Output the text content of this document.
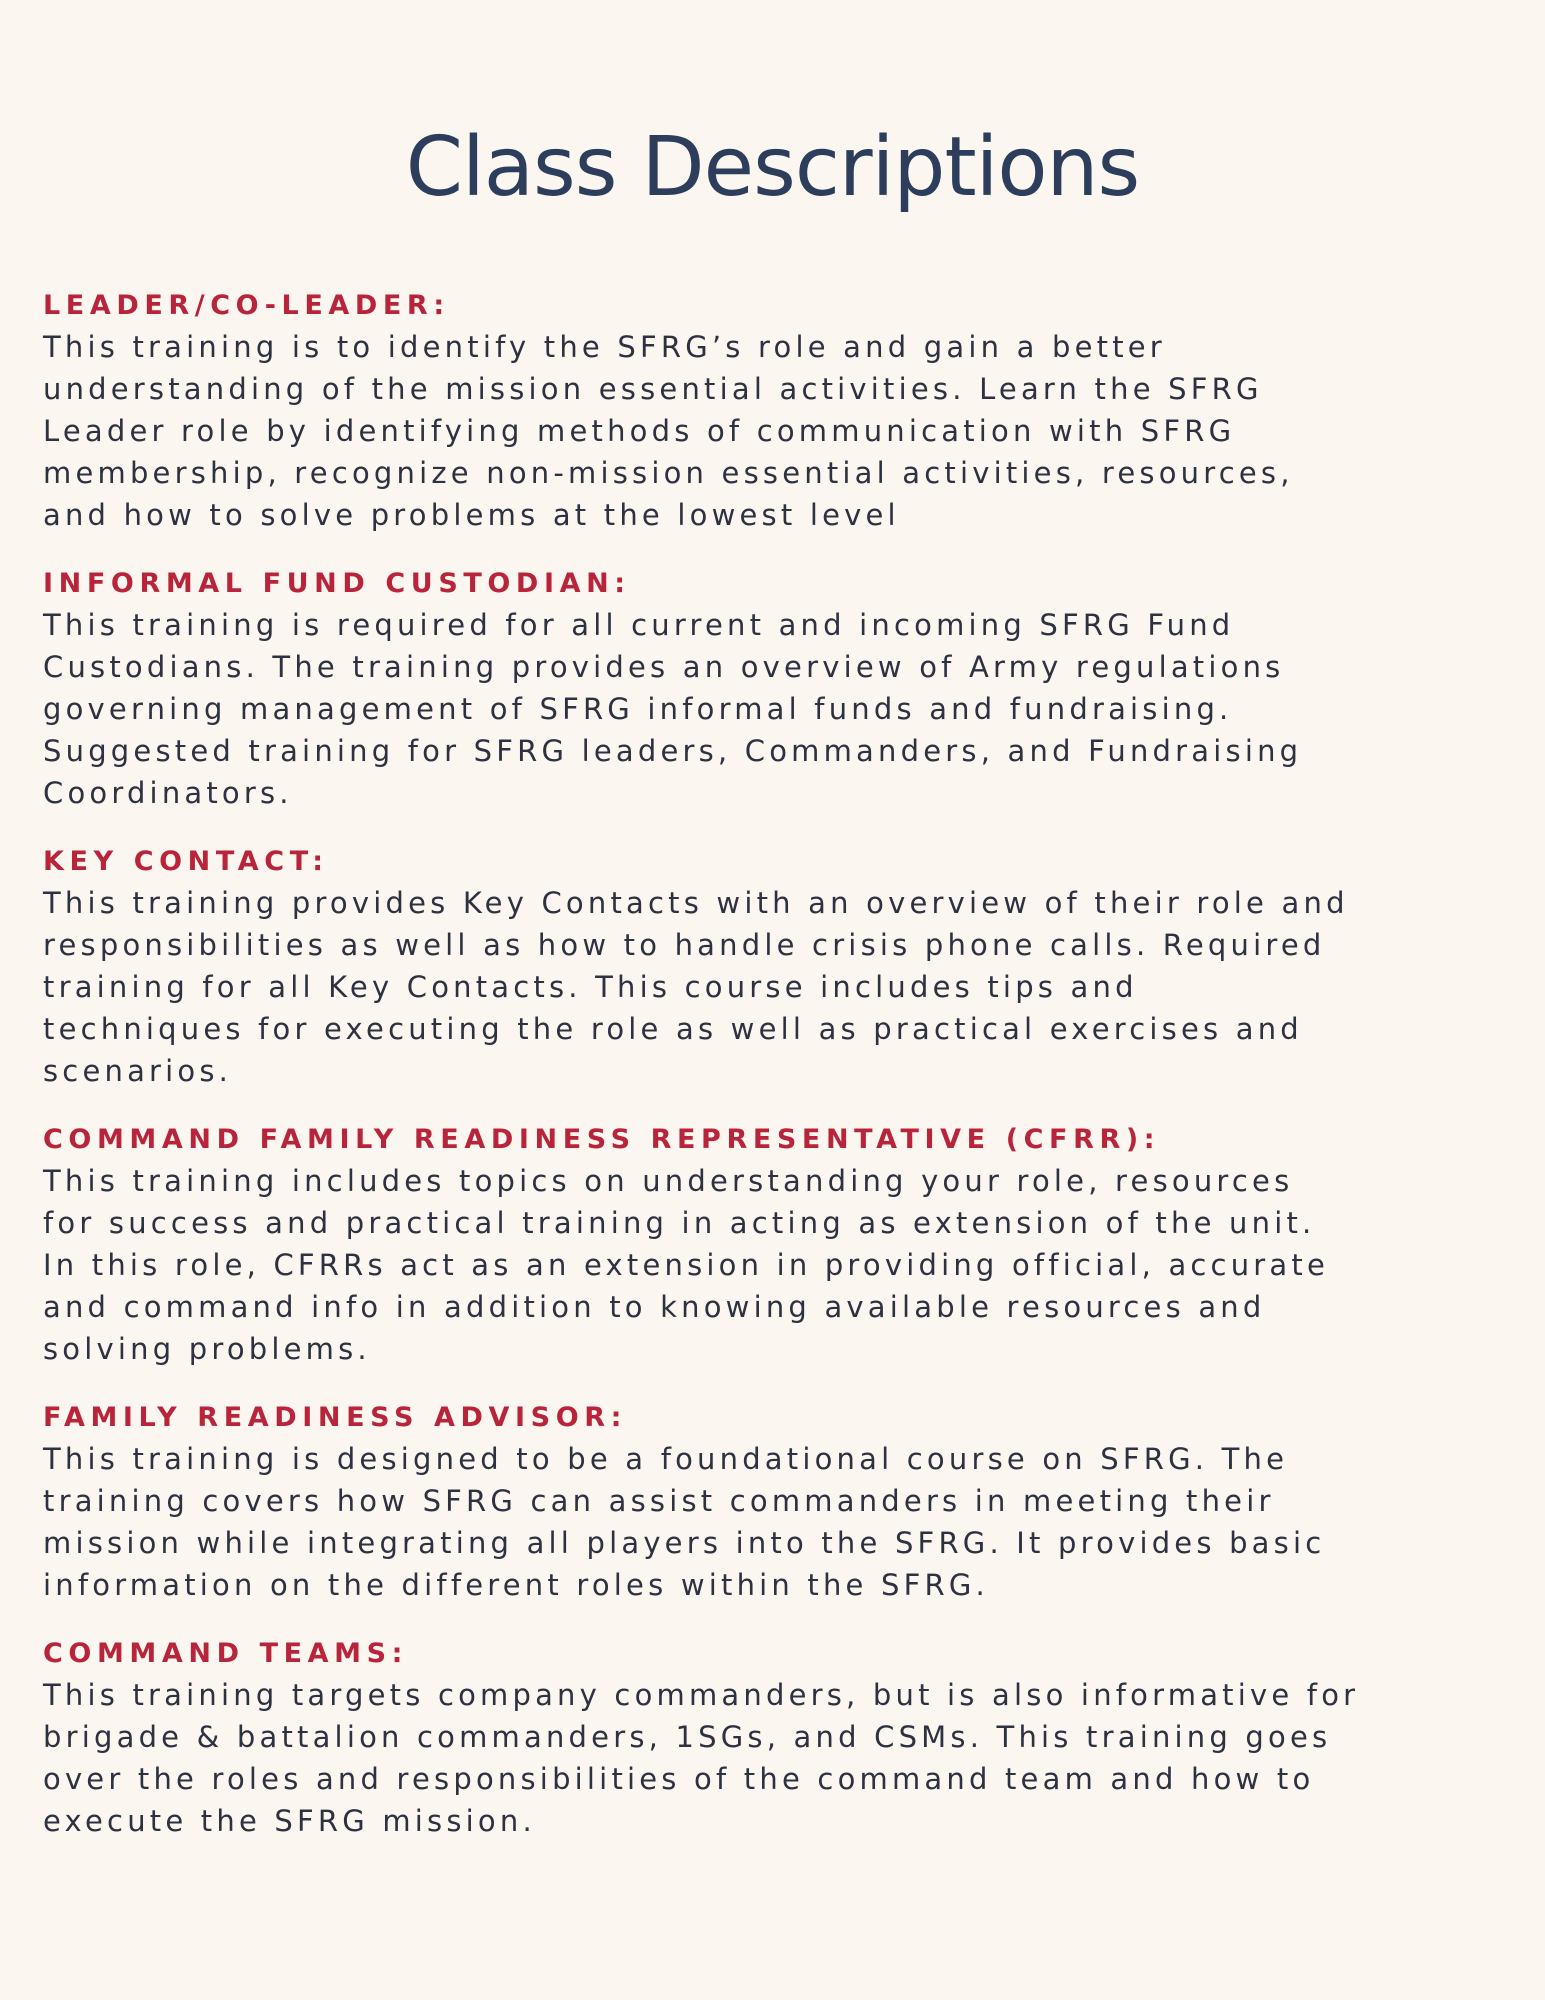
Class Descriptions

LEADER/CO-LEADER:

This training is to identify the SFRG’s role and gain a better
understanding of the mission essential activities. Learn the SFRG
Leader role by identifying methods of communication with SFRG
membership, recognize non-mission essential activities, resources,
and how to solve problems at the lowest level

INFORMAL FUND CUSTODIAN:

This training is required for all current and incoming SFRG Fund
Custodians. The training provides an overview of Army regulations
governing management of SFRG informal funds and fundraising.
Suggested training for SFRG leaders, Commanders, and Fundraising
Coordinators.

KEY CONTACT:

This training provides Key Contacts with an overview of their role and
responsibilities as well as how to handle crisis phone calls. Required
training for all Key Contacts. This course includes tips and
techniques for executing the role as well as practical exercises and
scenarios.

COMMAND FAMILY READINESS REPRESENTATIVE (CFRR):

This training includes topics on understanding your role, resources
for success and practical training in acting as extension of the unit.
In this role, CFRRs act as an extension in providing official, accurate
and command info in addition to knowing available resources and
solving problems.

FAMILY READINESS ADVISOR:

This training is designed to be a foundational course on SFRG. The
training covers how SFRG can assist commanders in meeting their
mission while integrating all players into the SFRG. It provides basic
information on the different roles within the SFRG.

COMMAND TEAMS:

This training targets company commanders, but is also informative for
brigade & battalion commanders, 1SGs, and CSMs. This training goes
over the roles and responsibilities of the command team and how to
execute the SFRG mission.
